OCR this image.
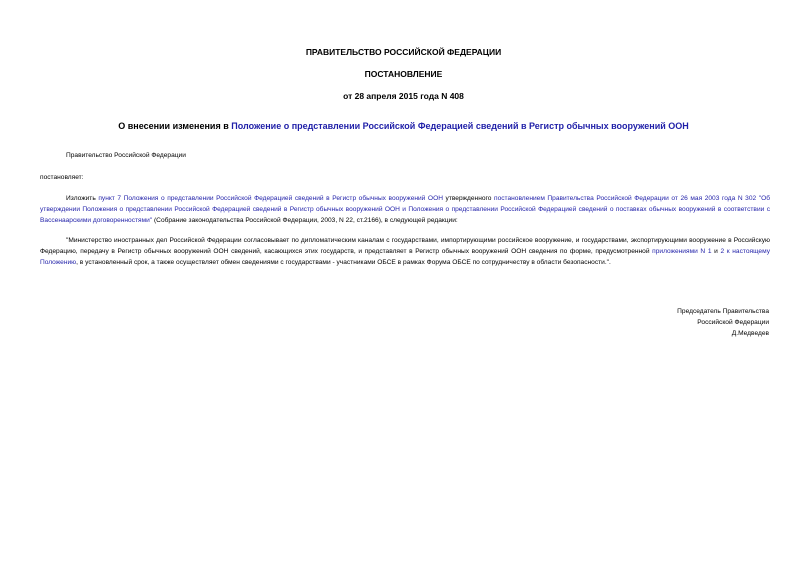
ПРАВИТЕЛЬСТВО РОССИЙСКОЙ ФЕДЕРАЦИИ
ПОСТАНОВЛЕНИЕ
от 28 апреля 2015 года N 408
О внесении изменения в Положение о представлении Российской Федерацией сведений в Регистр обычных вооружений ООН
Правительство Российской Федерации
постановляет:
Изложить пункт 7 Положения о представлении Российской Федерацией сведений в Регистр обычных вооружений ООН утвержденного постановлением Правительства Российской Федерации от 26 мая 2003 года N 302 "Об утверждении Положения о представлении Российской Федерацией сведений в Регистр обычных вооружений ООН и Положения о представлении Российской Федерацией сведений о поставках обычных вооружений в соответствии с Вассенаарскими договоренностями" (Собрание законодательства Российской Федерации, 2003, N 22, ст.2166), в следующей редакции:
"Министерство иностранных дел Российской Федерации согласовывает по дипломатическим каналам с государствами, импортирующими российское вооружение, и государствами, экспортирующими вооружение в Российскую Федерацию, передачу в Регистр обычных вооружений ООН сведений, касающихся этих государств, и представляет в Регистр обычных вооружений ООН сведения по форме, предусмотренной приложениями N 1 и 2 к настоящему Положению, в установленный срок, а также осуществляет обмен сведениями с государствами - участниками ОБСЕ в рамках Форума ОБСЕ по сотрудничеству в области безопасности.".
Председатель Правительства
Российской Федерации
Д.Медведев
